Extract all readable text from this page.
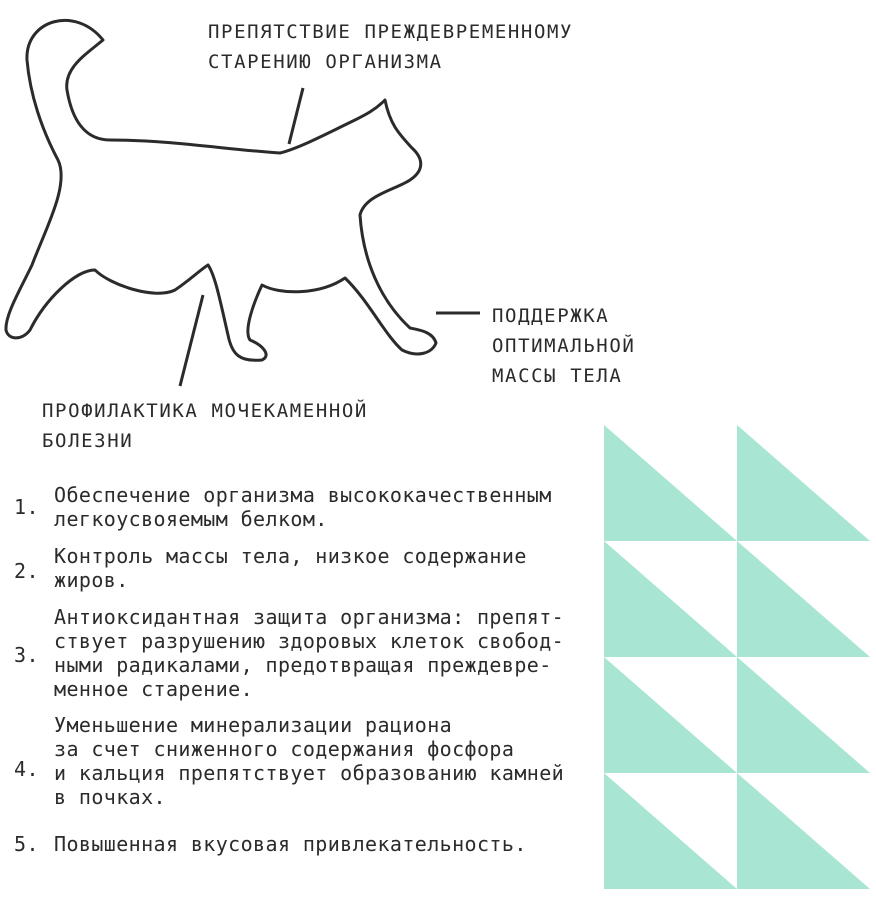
ПРЕПЯТСТВИЕ ПРЕЖДЕВРЕМЕННОМУ
СТАРЕНИЮ ОРГАНИЗМА
ПОДДЕРЖКА
ОПТИМАЛЬНОЙ
МАССЫ ТЕЛА
ПРОФИЛАКТИКА МОЧЕКАМЕННОЙ
БОЛЕЗНИ
1. Обеспечение организма высококачественным
легкоусвояемым белком.
2.
Контроль массы тела, низкое содержание
жиров.
3.
Антиоксидантная защита организма: препят-
ствует разрушению здоровых клеток свобод-
ными радикалами, предотвращая преждевре-
менное старение.
4.
Уменьшение минерализации рациона
за счет сниженного содержания фосфора
и кальция препятствует образованию камней
в почках.
5. Повышенная вкусовая привлекательность.
